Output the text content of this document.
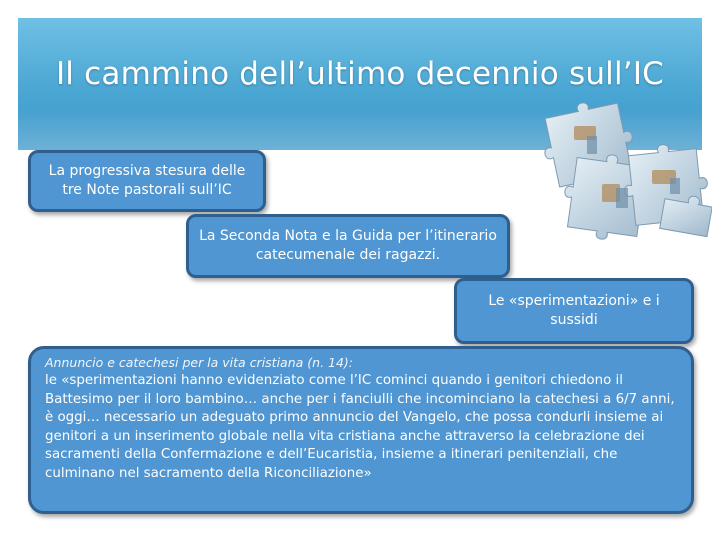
Il cammino dell’ultimo decennio sull’IC
La progressiva stesura delle tre Note pastorali sull’IC
La Seconda Nota e la Guida per l’itinerario catecumenale dei ragazzi.
Le «sperimentazioni» e i sussidi
Annuncio e catechesi per la vita cristiana (n. 14):
le «sperimentazioni hanno evidenziato come l’IC cominci quando i genitori chiedono il Battesimo per il loro bambino… anche per i fanciulli che incominciano la catechesi a 6/7 anni, è oggi… necessario un adeguato primo annuncio del Vangelo, che possa condurli insieme ai genitori a un inserimento globale nella vita cristiana anche attraverso la celebrazione dei sacramenti della Confermazione e dell’Eucaristia, insieme a itinerari penitenziali, che culminano nel sacramento della Riconciliazione»
